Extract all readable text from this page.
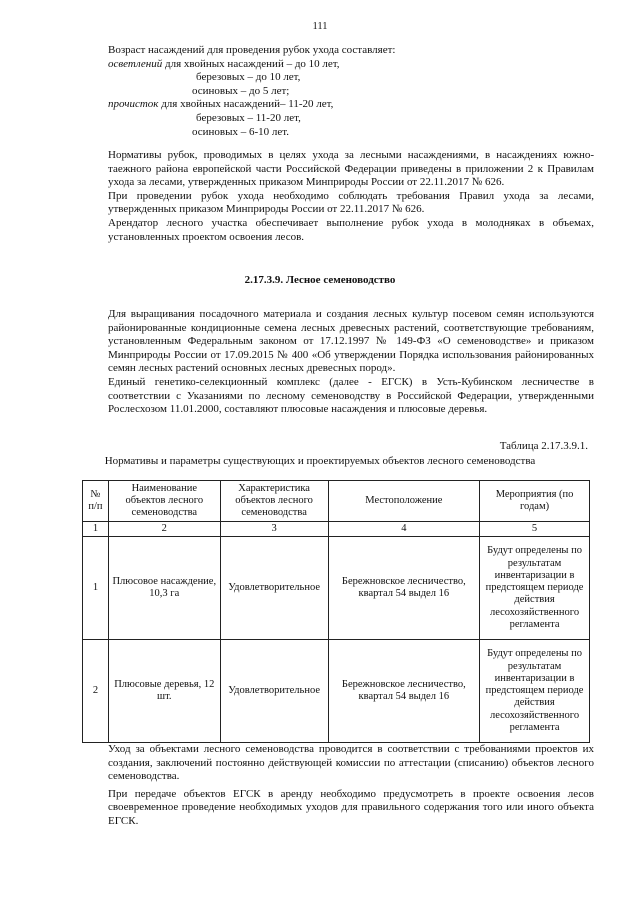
111
Возраст насаждений для проведения рубок ухода составляет:
осветлений для хвойных насаждений – до 10 лет,
березовых – до 10 лет,
осиновых – до 5 лет;
прочисток для хвойных насаждений– 11-20 лет,
березовых – 11-20 лет,
осиновых – 6-10 лет.

Нормативы рубок, проводимых в целях ухода за лесными насаждениями, в насаждениях южно-таежного района европейской части Российской Федерации приведены в приложении 2 к Правилам ухода за лесами, утвержденных приказом Минприроды России от 22.11.2017 № 626.

При проведении рубок ухода необходимо соблюдать требования Правил ухода за лесами, утвержденных приказом Минприроды России от 22.11.2017 № 626.

Арендатор лесного участка обеспечивает выполнение рубок ухода в молодняках в объемах, установленных проектом освоения лесов.

2.17.3.9. Лесное семеноводство

Для выращивания посадочного материала и создания лесных культур посевом семян используются районированные кондиционные семена лесных древесных растений, соответствующие требованиям, установленным Федеральным законом от 17.12.1997 № 149-ФЗ «О семеноводстве» и приказом Минприроды России от 17.09.2015 № 400 «Об утверждении Порядка использования районированных семян лесных растений основных лесных древесных пород».

Единый генетико-селекционный комплекс (далее - ЕГСК) в Усть-Кубинском лесничестве в соответствии с Указаниями по лесному семеноводству в Российской Федерации, утвержденными Рослесхозом 11.01.2000, составляют плюсовые насаждения и плюсовые деревья.

Таблица 2.17.3.9.1.
Нормативы и параметры существующих и проектируемых объектов лесного семеноводства
№ п/п	Наименование объектов лесного семеноводства	Характеристика объектов лесного семеноводства	Местоположение	Мероприятия (по годам)
1	2	3	4	5
1	Плюсовое насаждение, 10,3 га	Удовлетворительное	Бережновское лесничество, квартал 54 выдел 16	Будут определены по результатам инвентаризации в предстоящем периоде действия лесохозяйственного регламента
2	Плюсовые деревья, 12 шт.	Удовлетворительное	Бережновское лесничество, квартал 54 выдел 16	Будут определены по результатам инвентаризации в предстоящем периоде действия лесохозяйственного регламента

Уход за объектами лесного семеноводства проводится в соответствии с требованиями проектов их создания, заключений постоянно действующей комиссии по аттестации (списанию) объектов лесного семеноводства.

При передаче объектов ЕГСК в аренду необходимо предусмотреть в проекте освоения лесов своевременное проведение необходимых уходов для правильного содержания того или иного объекта ЕГСК.
